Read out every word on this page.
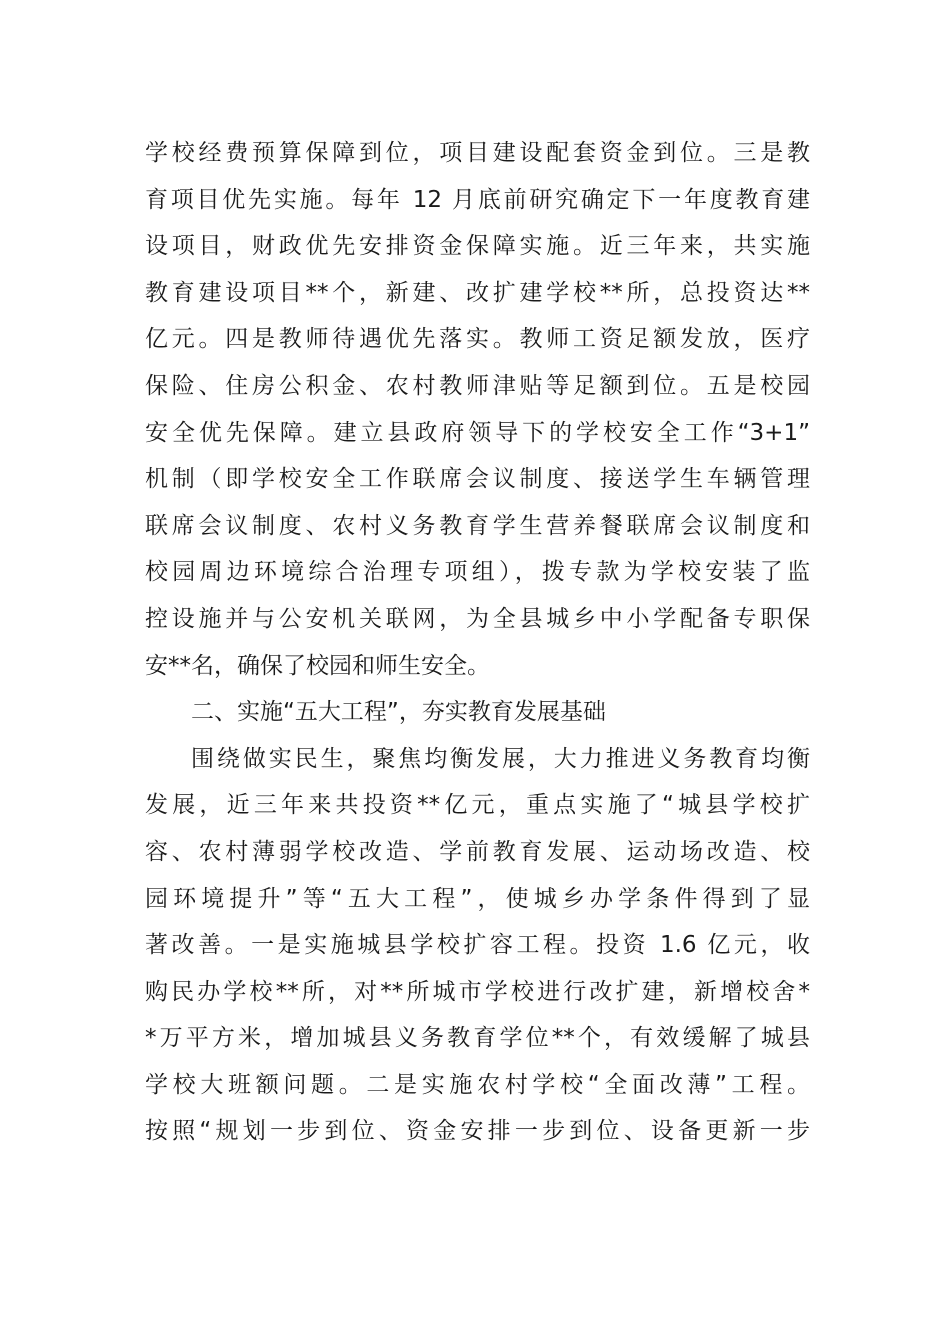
学校经费预算保障到位，项目建设配套资金到位。三是教
育项目优先实施。每年 12 月底前研究确定下一年度教育建
设项目，财政优先安排资金保障实施。近三年来，共实施
教育建设项目**个，新建、改扩建学校**所，总投资达**
亿元。四是教师待遇优先落实。教师工资足额发放，医疗
保险、住房公积金、农村教师津贴等足额到位。五是校园
安全优先保障。建立县政府领导下的学校安全工作“3+1”
机制（即学校安全工作联席会议制度、接送学生车辆管理
联席会议制度、农村义务教育学生营养餐联席会议制度和
校园周边环境综合治理专项组），拨专款为学校安装了监
控设施并与公安机关联网，为全县城乡中小学配备专职保
安**名，确保了校园和师生安全。
二、实施“五大工程”，夯实教育发展基础
围绕做实民生，聚焦均衡发展，大力推进义务教育均衡
发展，近三年来共投资**亿元，重点实施了“城县学校扩
容、农村薄弱学校改造、学前教育发展、运动场改造、校
园环境提升”等“五大工程”，使城乡办学条件得到了显
著改善。一是实施城县学校扩容工程。投资 1.6 亿元，收
购民办学校**所，对**所城市学校进行改扩建，新增校舍*
*万平方米，增加城县义务教育学位**个，有效缓解了城县
学校大班额问题。二是实施农村学校“全面改薄”工程。
按照“规划一步到位、资金安排一步到位、设备更新一步
